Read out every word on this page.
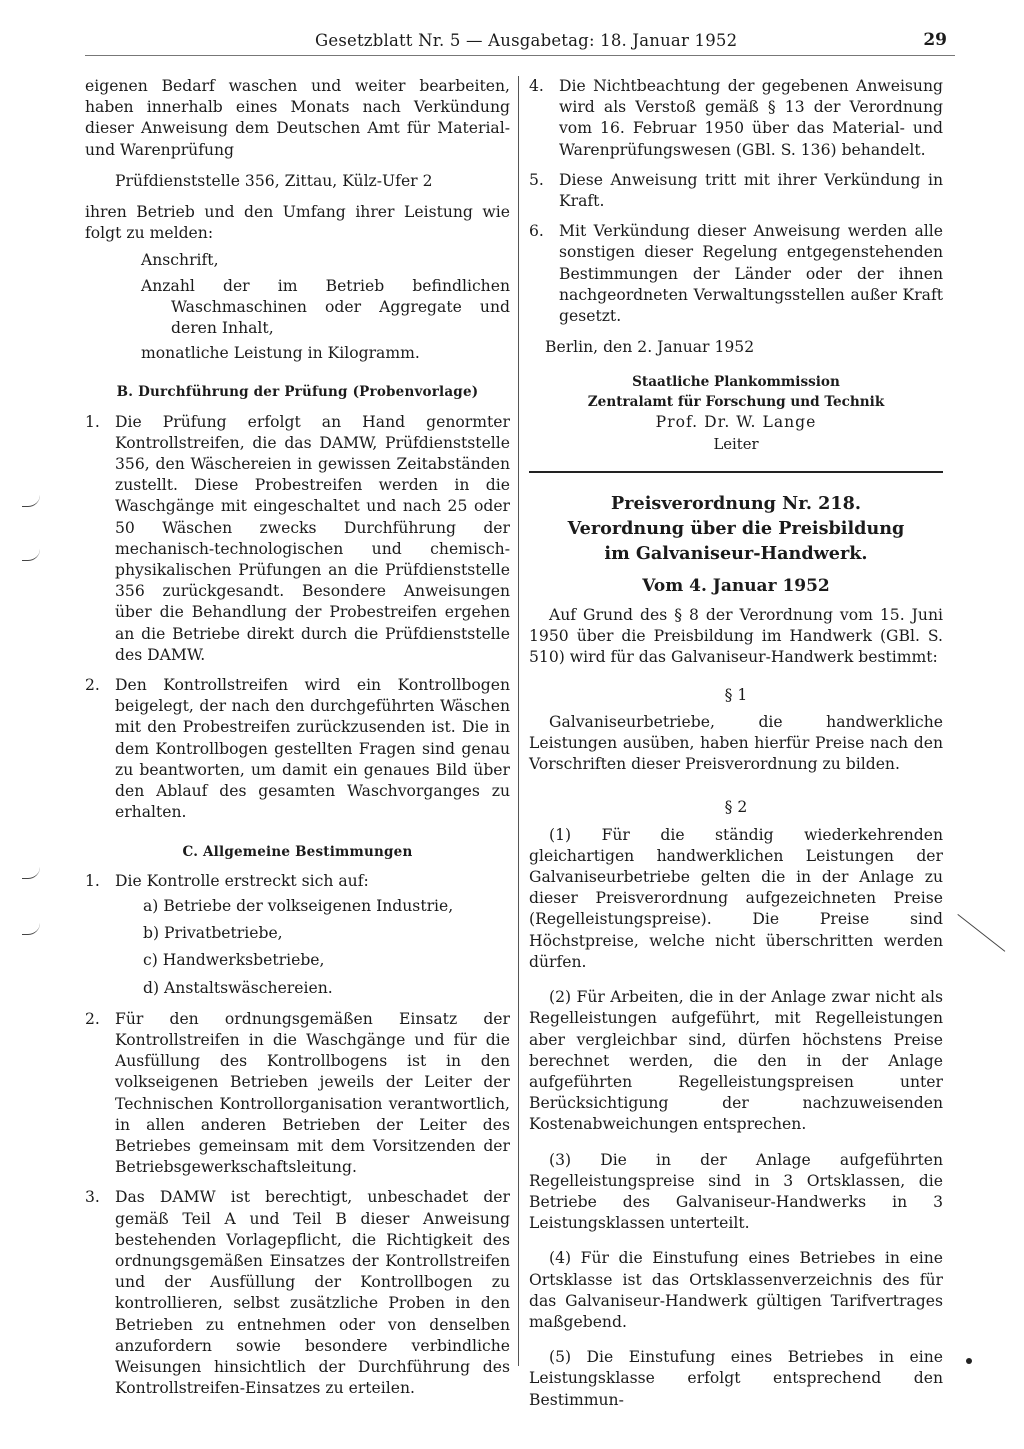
Gesetzblatt Nr. 5 — Ausgabetag: 18. Januar 1952	29

eigenen Bedarf waschen und weiter bearbeiten, haben innerhalb eines Monats nach Verkündung dieser Anweisung dem Deutschen Amt für Material- und Warenprüfung

Prüfdienststelle 356, Zittau, Külz-Ufer 2

ihren Betrieb und den Umfang ihrer Leistung wie folgt zu melden:

Anschrift,

Anzahl der im Betrieb befindlichen Waschmaschinen oder Aggregate und deren Inhalt,

monatliche Leistung in Kilogramm.

B. Durchführung der Prüfung (Probenvorlage)
1. Die Prüfung erfolgt an Hand genormter Kontrollstreifen, die das DAMW, Prüfdienststelle 356, den Wäschereien in gewissen Zeitabständen zustellt. Diese Probestreifen werden in die Waschgänge mit eingeschaltet und nach 25 oder 50 Wäschen zwecks Durchführung der mechanisch-technologischen und chemisch-physikalischen Prüfungen an die Prüfdienststelle 356 zurückgesandt. Besondere Anweisungen über die Behandlung der Probestreifen ergehen an die Betriebe direkt durch die Prüfdienststelle des DAMW.

2. Den Kontrollstreifen wird ein Kontrollbogen beigelegt, der nach den durchgeführten Wäschen mit den Probestreifen zurückzusenden ist. Die in dem Kontrollbogen gestellten Fragen sind genau zu beantworten, um damit ein genaues Bild über den Ablauf des gesamten Waschvorganges zu erhalten.

C. Allgemeine Bestimmungen
1. Die Kontrolle erstreckt sich auf:

a) Betriebe der volkseigenen Industrie,

b) Privatbetriebe,

c) Handwerksbetriebe,

d) Anstaltswäschereien.

2. Für den ordnungsgemäßen Einsatz der Kontrollstreifen in die Waschgänge und für die Ausfüllung des Kontrollbogens ist in den volkseigenen Betrieben jeweils der Leiter der Technischen Kontrollorganisation verantwortlich, in allen anderen Betrieben der Leiter des Betriebes gemeinsam mit dem Vorsitzenden der Betriebsgewerkschaftsleitung.

3. Das DAMW ist berechtigt, unbeschadet der gemäß Teil A und Teil B dieser Anweisung bestehenden Vorlagepflicht, die Richtigkeit des ordnungsgemäßen Einsatzes der Kontrollstreifen und der Ausfüllung der Kontrollbogen zu kontrollieren, selbst zusätzliche Proben in den Betrieben zu entnehmen oder von denselben anzufordern sowie besondere verbindliche Weisungen hinsichtlich der Durchführung des Kontrollstreifen-Einsatzes zu erteilen.

4. Die Nichtbeachtung der gegebenen Anweisung wird als Verstoß gemäß § 13 der Verordnung vom 16. Februar 1950 über das Material- und Warenprüfungswesen (GBl. S. 136) behandelt.

5. Diese Anweisung tritt mit ihrer Verkündung in Kraft.

6. Mit Verkündung dieser Anweisung werden alle sonstigen dieser Regelung entgegenstehenden Bestimmungen der Länder oder der ihnen nachgeordneten Verwaltungsstellen außer Kraft gesetzt.

Berlin, den 2. Januar 1952

Staatliche Plankommission
Zentralamt für Forschung und Technik
Prof. Dr. W. Lange
Leiter
Preisverordnung Nr. 218.
Verordnung über die Preisbildung
im Galvaniseur-Handwerk.
Vom 4. Januar 1952

Auf Grund des § 8 der Verordnung vom 15. Juni 1950 über die Preisbildung im Handwerk (GBl. S. 510) wird für das Galvaniseur-Handwerk bestimmt:

§ 1

Galvaniseurbetriebe, die handwerkliche Leistungen ausüben, haben hierfür Preise nach den Vorschriften dieser Preisverordnung zu bilden.

§ 2

(1) Für die ständig wiederkehrenden gleichartigen handwerklichen Leistungen der Galvaniseurbetriebe gelten die in der Anlage zu dieser Preisverordnung aufgezeichneten Preise (Regelleistungspreise). Die Preise sind Höchstpreise, welche nicht überschritten werden dürfen.

(2) Für Arbeiten, die in der Anlage zwar nicht als Regelleistungen aufgeführt, mit Regelleistungen aber vergleichbar sind, dürfen höchstens Preise berechnet werden, die den in der Anlage aufgeführten Regelleistungspreisen unter Berücksichtigung der nachzuweisenden Kostenabweichungen entsprechen.

(3) Die in der Anlage aufgeführten Regelleistungspreise sind in 3 Ortsklassen, die Betriebe des Galvaniseur-Handwerks in 3 Leistungsklassen unterteilt.

(4) Für die Einstufung eines Betriebes in eine Ortsklasse ist das Ortsklassenverzeichnis des für das Galvaniseur-Handwerk gültigen Tarifvertrages maßgebend.

(5) Die Einstufung eines Betriebes in eine Leistungsklasse erfolgt entsprechend den Bestimmun-
